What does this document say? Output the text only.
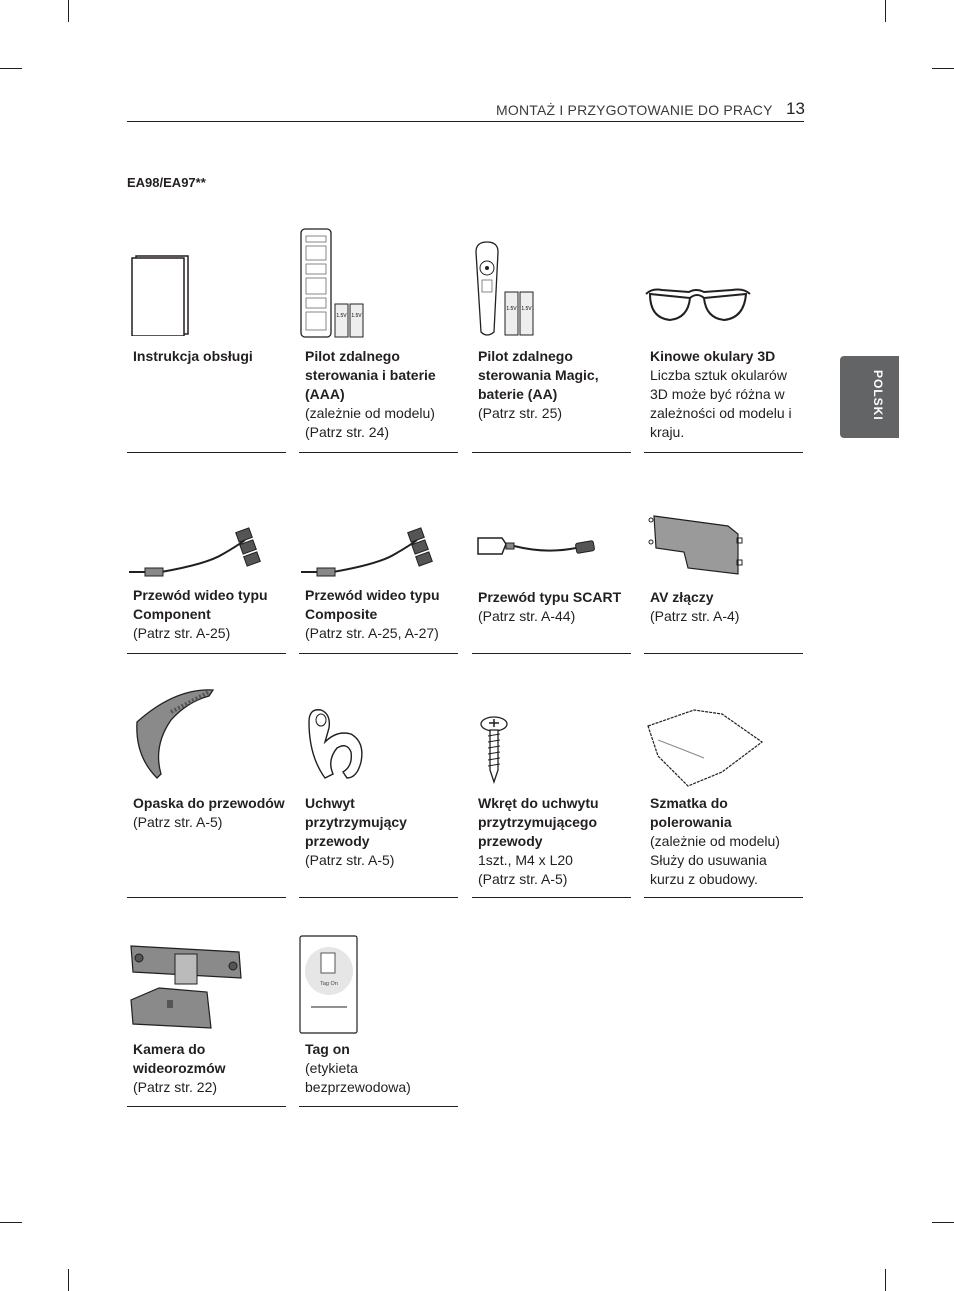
MONTAŻ I PRZYGOTOWANIE DO PRACY 13
POLSKI
EA98/EA97**
Instrukcja obsługi
1.5V 1.5V
Pilot zdalnego sterowania i baterie (AAA)
(zależnie od modelu)
(Patrz str. 24)
1.5V 1.5V
Pilot zdalnego sterowania Magic, baterie (AA)
(Patrz str. 25)
Kinowe okulary 3D
Liczba sztuk okularów 3D może być różna w zależności od modelu i kraju.
Przewód wideo typu Component
(Patrz str. A-25)
Przewód wideo typu Composite
(Patrz str. A-25, A-27)
Przewód typu SCART
(Patrz str. A-44)
AV złączy
(Patrz str. A-4)
Opaska do przewodów
(Patrz str. A-5)
Uchwyt przytrzymujący przewody
(Patrz str. A-5)
Wkręt do uchwytu przytrzymującego przewody
1szt., M4 x L20
(Patrz str. A-5)
Szmatka do polerowania
(zależnie od modelu)
Służy do usuwania kurzu z obudowy.
Kamera do wideorozmów
(Patrz str. 22)
Tag On
Tag on
(etykieta bezprzewodowa)
